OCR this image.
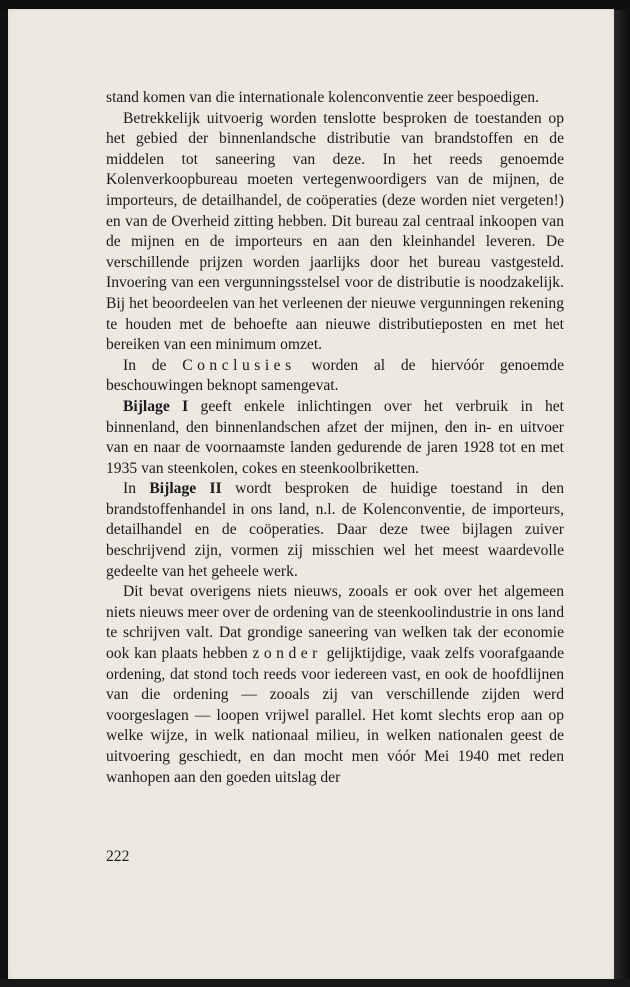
stand komen van die internationale kolenconventie zeer bespoedigen.

Betrekkelijk uitvoerig worden tenslotte besproken de toestanden op het gebied der binnenlandsche distributie van brandstoffen en de middelen tot saneering van deze. In het reeds genoemde Kolenverkoopbureau moeten vertegenwoordigers van de mijnen, de importeurs, de detailhandel, de coöperaties (deze worden niet vergeten!) en van de Overheid zitting hebben. Dit bureau zal centraal inkoopen van de mijnen en de importeurs en aan den kleinhandel leveren. De verschillende prijzen worden jaarlijks door het bureau vastgesteld. Invoering van een vergunningsstelsel voor de distributie is noodzakelijk. Bij het beoordeelen van het verleenen der nieuwe vergunningen rekening te houden met de behoefte aan nieuwe distributieposten en met het bereiken van een minimum omzet.

In de Conclusies worden al de hiervóór genoemde beschouwingen beknopt samengevat.

Bijlage I geeft enkele inlichtingen over het verbruik in het binnenland, den binnenlandschen afzet der mijnen, den in- en uitvoer van en naar de voornaamste landen gedurende de jaren 1928 tot en met 1935 van steenkolen, cokes en steenkoolbriketten.

In Bijlage II wordt besproken de huidige toestand in den brandstoffenhandel in ons land, n.l. de Kolenconventie, de importeurs, detailhandel en de coöperaties. Daar deze twee bijlagen zuiver beschrijvend zijn, vormen zij misschien wel het meest waardevolle gedeelte van het geheele werk.

Dit bevat overigens niets nieuws, zooals er ook over het algemeen niets nieuws meer over de ordening van de steenkoolindustrie in ons land te schrijven valt. Dat grondige saneering van welken tak der economie ook kan plaats hebben zonder gelijktijdige, vaak zelfs voorafgaande ordening, dat stond toch reeds voor iedereen vast, en ook de hoofdlijnen van die ordening — zooals zij van verschillende zijden werd voorgeslagen — loopen vrijwel parallel. Het komt slechts erop aan op welke wijze, in welk nationaal milieu, in welken nationalen geest de uitvoering geschiedt, en dan mocht men vóór Mei 1940 met reden wanhopen aan den goeden uitslag der

222
